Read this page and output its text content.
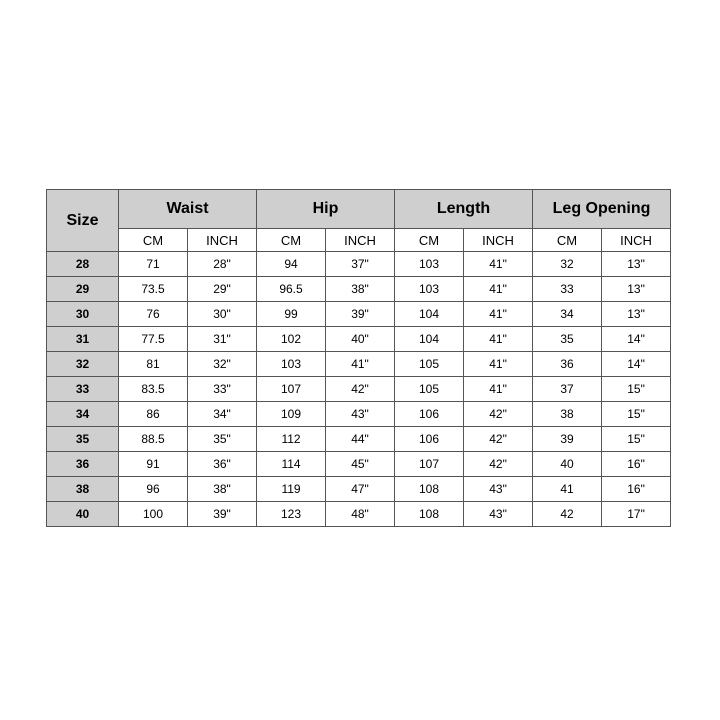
Size	Waist		Hip		Length		Leg Opening	
	CM	INCH	CM	INCH	CM	INCH	CM	INCH
28	71	28"	94	37"	103	41"	32	13"
29	73.5	29"	96.5	38"	103	41"	33	13"
30	76	30"	99	39"	104	41"	34	13"
31	77.5	31"	102	40"	104	41"	35	14"
32	81	32"	103	41"	105	41"	36	14"
33	83.5	33"	107	42"	105	41"	37	15"
34	86	34"	109	43"	106	42"	38	15"
35	88.5	35"	112	44"	106	42"	39	15"
36	91	36"	114	45"	107	42"	40	16"
38	96	38"	119	47"	108	43"	41	16"
40	100	39"	123	48"	108	43"	42	17"
